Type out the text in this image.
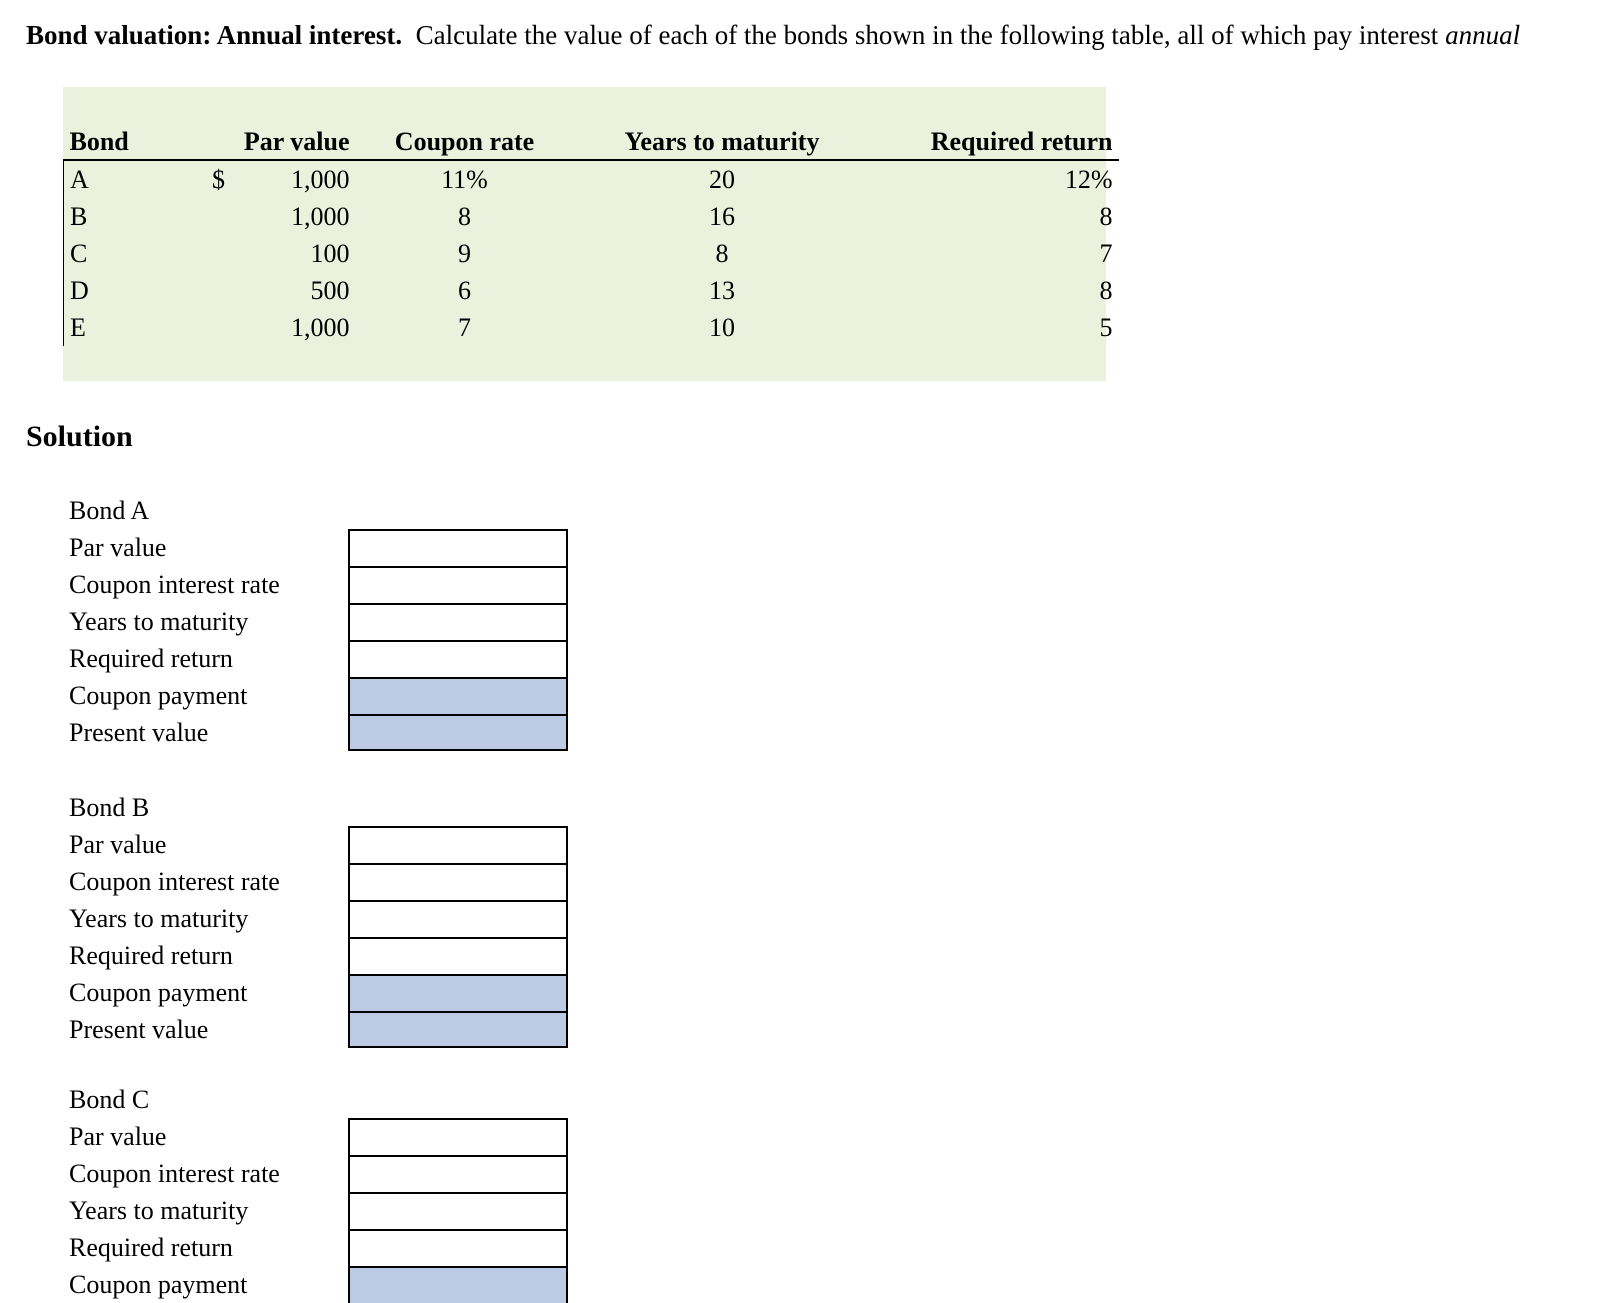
Bond valuation: Annual interest. Calculate the value of each of the bonds shown in the following table, all of which pay interest annual
Bond	Par value	Coupon rate	Years to maturity	Required return
A	$ 1,000	11%	20	12%
B	1,000	8	16	8
C	100	9	8	7
D	500	6	13	8
E	1,000	7	10	5
Solution
Bond A
Par value
Coupon interest rate
Years to maturity
Required return
Coupon payment
Present value
Bond B
Par value
Coupon interest rate
Years to maturity
Required return
Coupon payment
Present value
Bond C
Par value
Coupon interest rate
Years to maturity
Required return
Coupon payment
